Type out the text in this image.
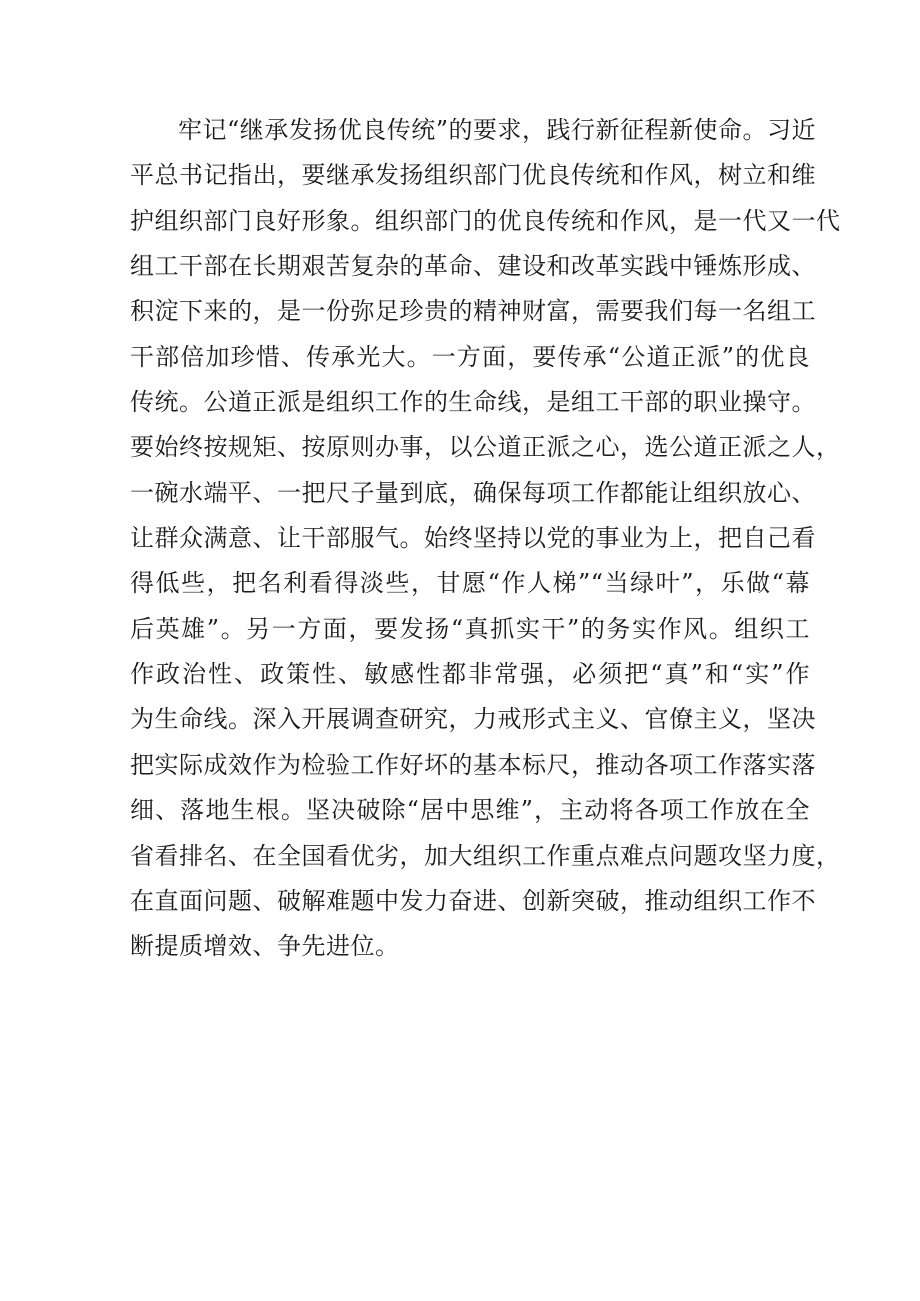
牢记“继承发扬优良传统”的要求，践行新征程新使命。习近
平总书记指出，要继承发扬组织部门优良传统和作风，树立和维
护组织部门良好形象。组织部门的优良传统和作风，是一代又一代
组工干部在长期艰苦复杂的革命、建设和改革实践中锤炼形成、
积淀下来的，是一份弥足珍贵的精神财富，需要我们每一名组工
干部倍加珍惜、传承光大。一方面，要传承“公道正派”的优良
传统。公道正派是组织工作的生命线，是组工干部的职业操守。
要始终按规矩、按原则办事，以公道正派之心，选公道正派之人，
一碗水端平、一把尺子量到底，确保每项工作都能让组织放心、
让群众满意、让干部服气。始终坚持以党的事业为上，把自己看
得低些，把名利看得淡些，甘愿“作人梯”“当绿叶”，乐做“幕
后英雄”。另一方面，要发扬“真抓实干”的务实作风。组织工
作政治性、政策性、敏感性都非常强，必须把“真”和“实”作
为生命线。深入开展调查研究，力戒形式主义、官僚主义，坚决
把实际成效作为检验工作好坏的基本标尺，推动各项工作落实落
细、落地生根。坚决破除“居中思维”，主动将各项工作放在全
省看排名、在全国看优劣，加大组织工作重点难点问题攻坚力度，
在直面问题、破解难题中发力奋进、创新突破，推动组织工作不
断提质增效、争先进位。
